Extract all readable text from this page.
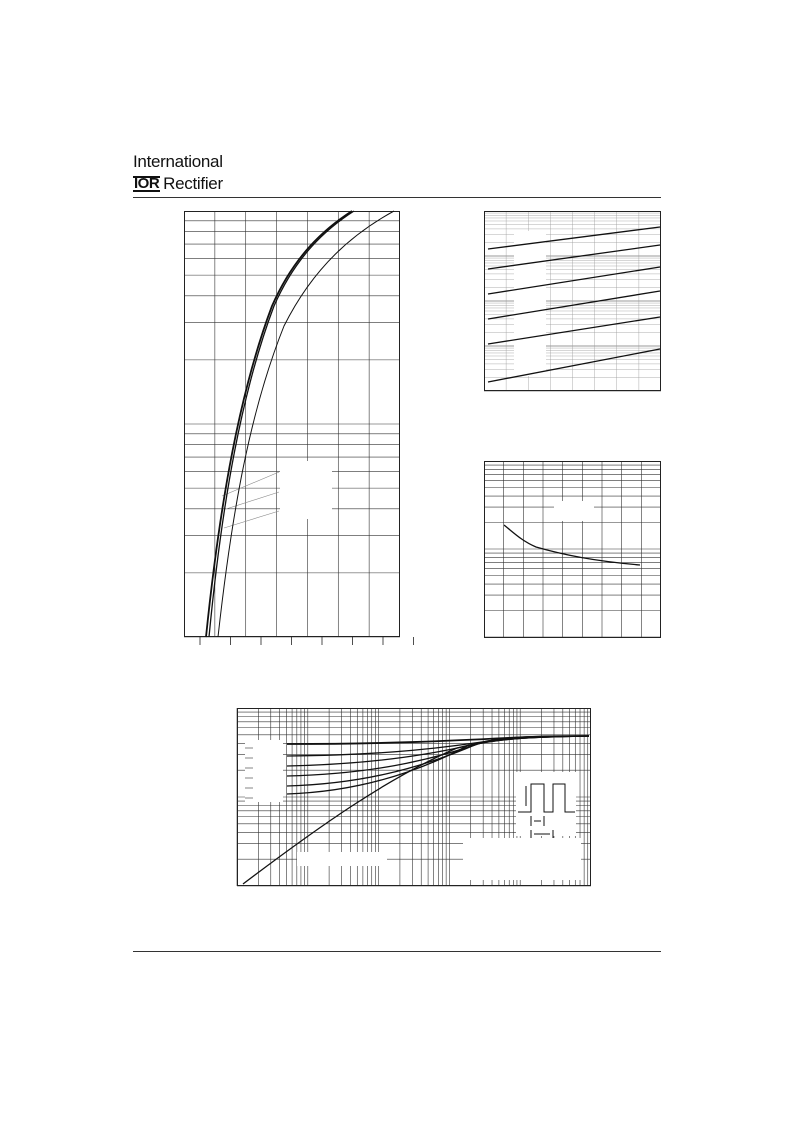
International
IOR Rectifier
